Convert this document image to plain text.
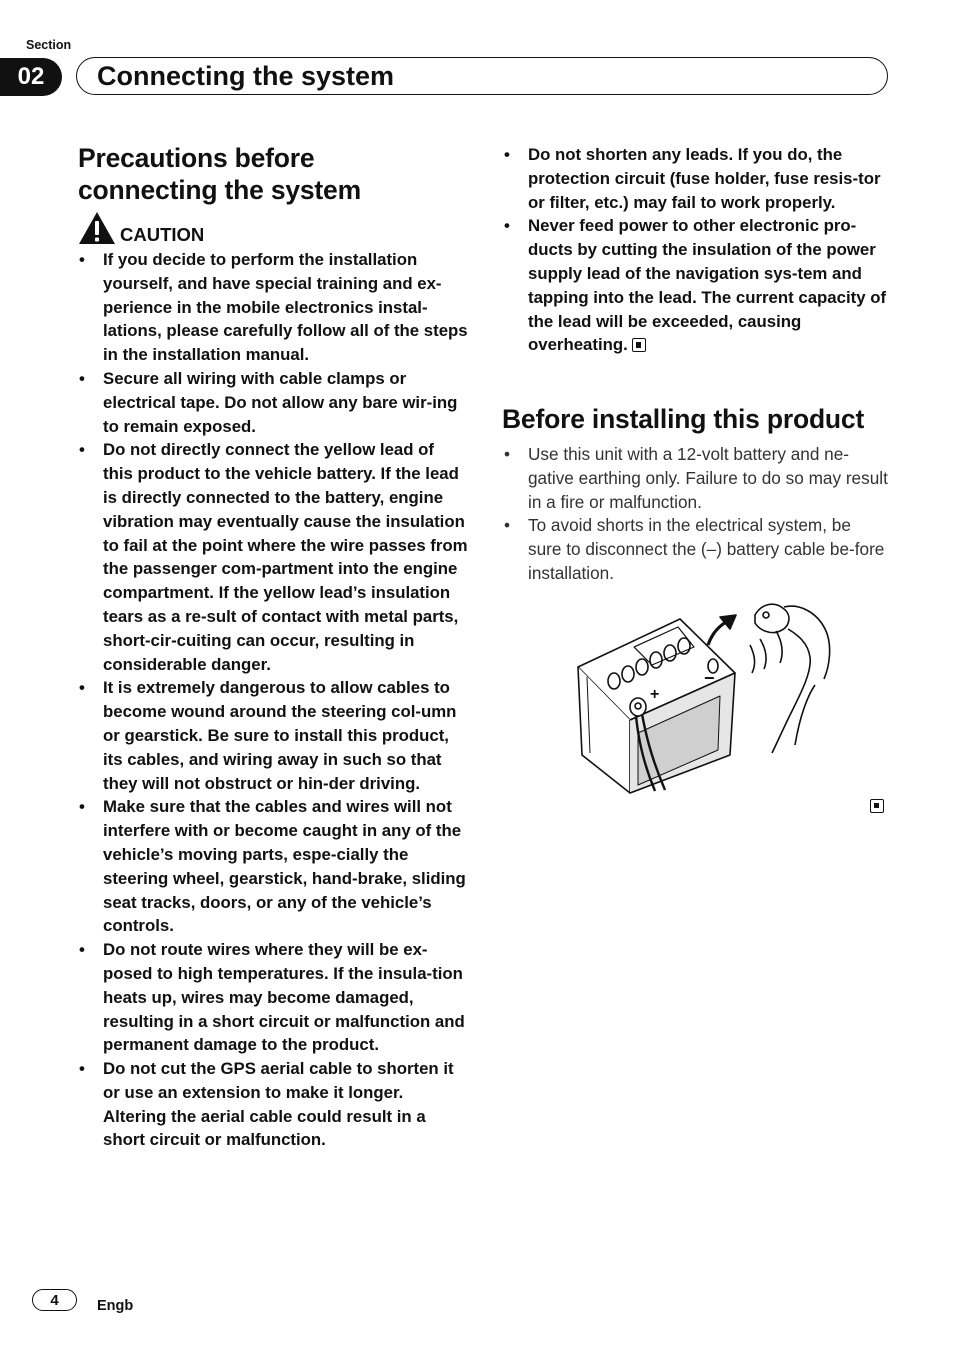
Section
02	Connecting the system
Precautions before connecting the system
CAUTION
• If you decide to perform the installation yourself, and have special training and ex-perience in the mobile electronics instal-lations, please carefully follow all of the steps in the installation manual.
• Secure all wiring with cable clamps or electrical tape. Do not allow any bare wir-ing to remain exposed.
• Do not directly connect the yellow lead of this product to the vehicle battery. If the lead is directly connected to the battery, engine vibration may eventually cause the insulation to fail at the point where the wire passes from the passenger com-partment into the engine compartment. If the yellow lead’s insulation tears as a re-sult of contact with metal parts, short-cir-cuiting can occur, resulting in considerable danger.
• It is extremely dangerous to allow cables to become wound around the steering col-umn or gearstick. Be sure to install this product, its cables, and wiring away in such so that they will not obstruct or hin-der driving.
• Make sure that the cables and wires will not interfere with or become caught in any of the vehicle’s moving parts, espe-cially the steering wheel, gearstick, hand-brake, sliding seat tracks, doors, or any of the vehicle’s controls.
• Do not route wires where they will be ex-posed to high temperatures. If the insula-tion heats up, wires may become damaged, resulting in a short circuit or malfunction and permanent damage to the product.
• Do not cut the GPS aerial cable to shorten it or use an extension to make it longer. Altering the aerial cable could result in a short circuit or malfunction.
• Do not shorten any leads. If you do, the protection circuit (fuse holder, fuse resis-tor or filter, etc.) may fail to work properly.
• Never feed power to other electronic pro-ducts by cutting the insulation of the power supply lead of the navigation sys-tem and tapping into the lead. The current capacity of the lead will be exceeded, causing overheating.
Before installing this product
• Use this unit with a 12-volt battery and ne-gative earthing only. Failure to do so may result in a fire or malfunction.
• To avoid shorts in the electrical system, be sure to disconnect the (–) battery cable be-fore installation.
−
+
4	Engb
